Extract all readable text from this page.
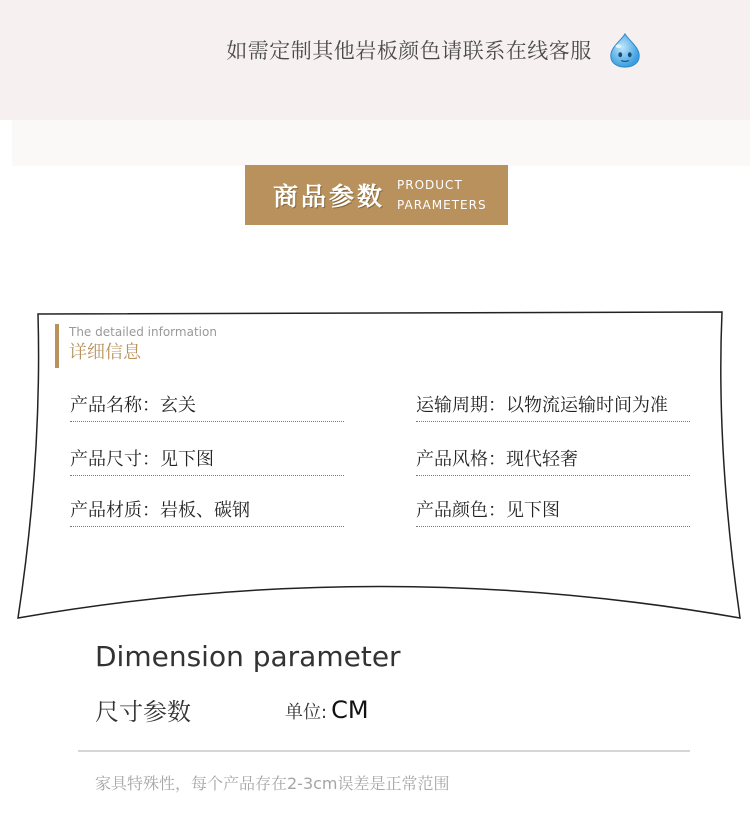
如需定制其他岩板颜色请联系在线客服
商品参数 PRODUCT
PARAMETERS
The detailed information
详细信息
产品名称：玄关	运输周期：以物流运输时间为准
产品尺寸：见下图	产品风格：现代轻奢
产品材质：岩板、碳钢	产品颜色：见下图
Dimension parameter
尺寸参数	单位: CM
家具特殊性，每个产品存在2-3cm误差是正常范围
